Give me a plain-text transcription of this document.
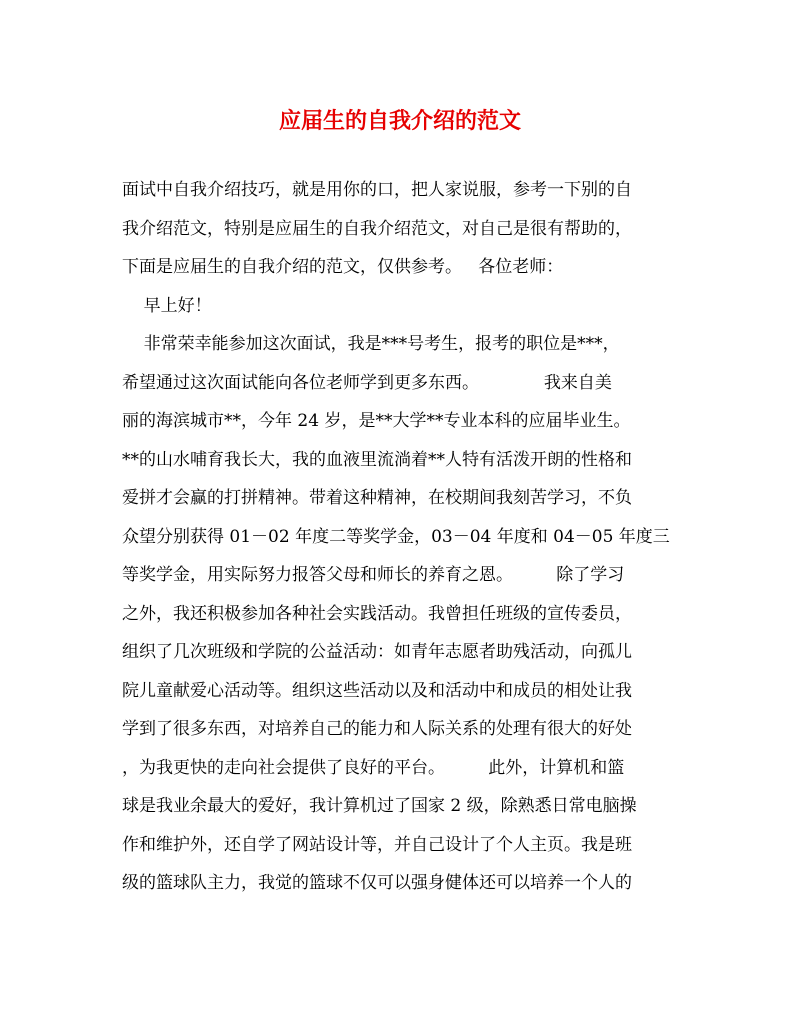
应届生的自我介绍的范文
面试中自我介绍技巧，就是用你的口，把人家说服，参考一下别的自
我介绍范文，特别是应届生的自我介绍范文，对自己是很有帮助的，
下面是应届生的自我介绍的范文，仅供参考。   各位老师：
早上好！
非常荣幸能参加这次面试，我是***号考生，报考的职位是***，
希望通过这次面试能向各位老师学到更多东西。            我来自美
丽的海滨城市**，今年 24 岁，是**大学**专业本科的应届毕业生。
**的山水哺育我长大，我的血液里流淌着**人特有活泼开朗的性格和
爱拼才会赢的打拼精神。带着这种精神，在校期间我刻苦学习，不负
众望分别获得 01－02 年度二等奖学金，03－04 年度和 04－05 年度三
等奖学金，用实际努力报答父母和师长的养育之恩。        除了学习
之外，我还积极参加各种社会实践活动。我曾担任班级的宣传委员，
组织了几次班级和学院的公益活动：如青年志愿者助残活动，向孤儿
院儿童献爱心活动等。组织这些活动以及和活动中和成员的相处让我
学到了很多东西，对培养自己的能力和人际关系的处理有很大的好处
，为我更快的走向社会提供了良好的平台。        此外，计算机和篮
球是我业余最大的爱好，我计算机过了国家 2 级，除熟悉日常电脑操
作和维护外，还自学了网站设计等，并自己设计了个人主页。我是班
级的篮球队主力，我觉的篮球不仅可以强身健体还可以培养一个人的
